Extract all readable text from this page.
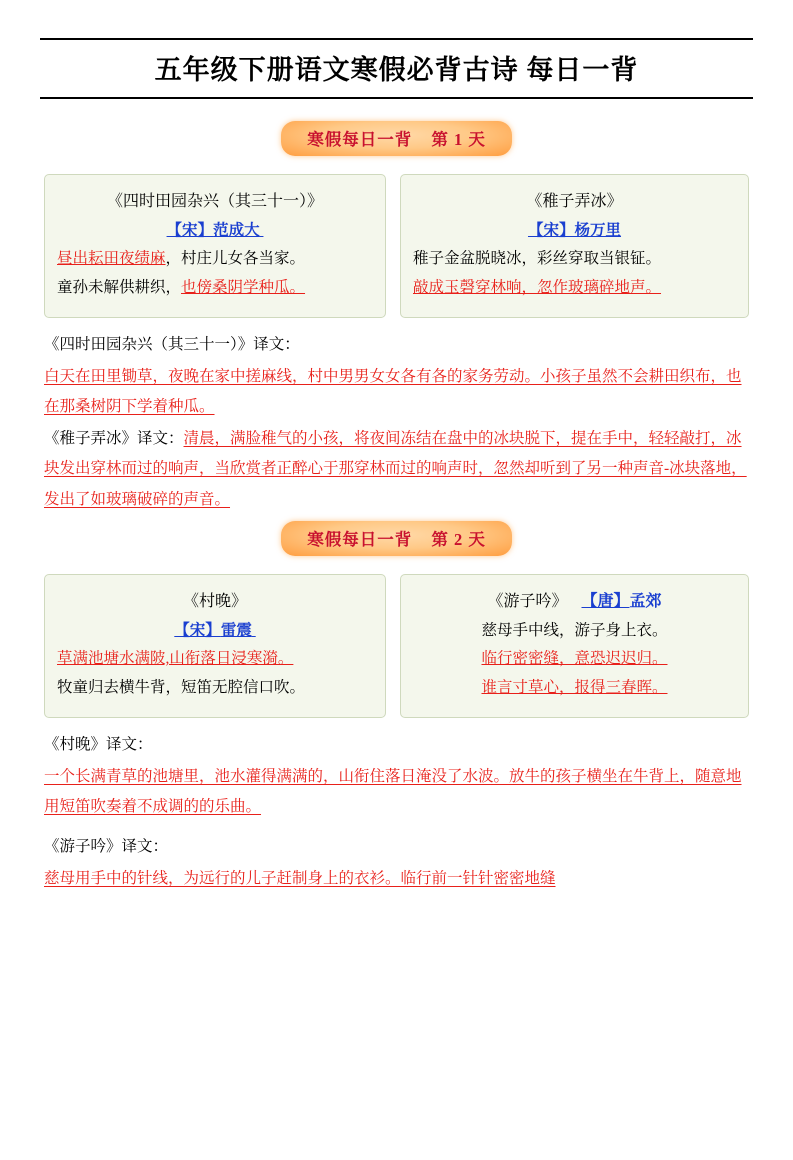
五年级下册语文寒假必背古诗 每日一背
寒假每日一背 第 1 天
《四时田园杂兴（其三十一）》
【宋】范成大
昼出耘田夜绩麻，村庄儿女各当家。
童孙未解供耕织，也傍桑阴学种瓜。
《稚子弄冰》
【宋】杨万里
稚子金盆脱晓冰，彩丝穿取当银钲。
敲成玉磬穿林响，忽作玻璃碎地声。

《四时田园杂兴（其三十一）》译文：

白天在田里锄草，夜晚在家中搓麻线，村中男男女女各有各的家务劳动。小孩子虽然不会耕田织布，也在那桑树阴下学着种瓜。

《稚子弄冰》译文：清晨，满脸稚气的小孩，将夜间冻结在盘中的冰块脱下，提在手中，轻轻敲打，冰块发出穿林而过的响声，当欣赏者正醉心于那穿林而过的响声时，忽然却听到了另一种声音-冰块落地，发出了如玻璃破碎的声音。

寒假每日一背 第 2 天
《村晚》
【宋】雷震
草满池塘水满陂,山衔落日浸寒漪。
牧童归去横牛背，短笛无腔信口吹。
《游子吟》 【唐】孟郊
慈母手中线，游子身上衣。
临行密密缝，意恐迟迟归。
谁言寸草心，报得三春晖。

《村晚》译文：

一个长满青草的池塘里，池水灌得满满的，山衔住落日淹没了水波。放牛的孩子横坐在牛背上，随意地用短笛吹奏着不成调的的乐曲。

《游子吟》译文：

慈母用手中的针线，为远行的儿子赶制身上的衣衫。临行前一针针密密地缝
